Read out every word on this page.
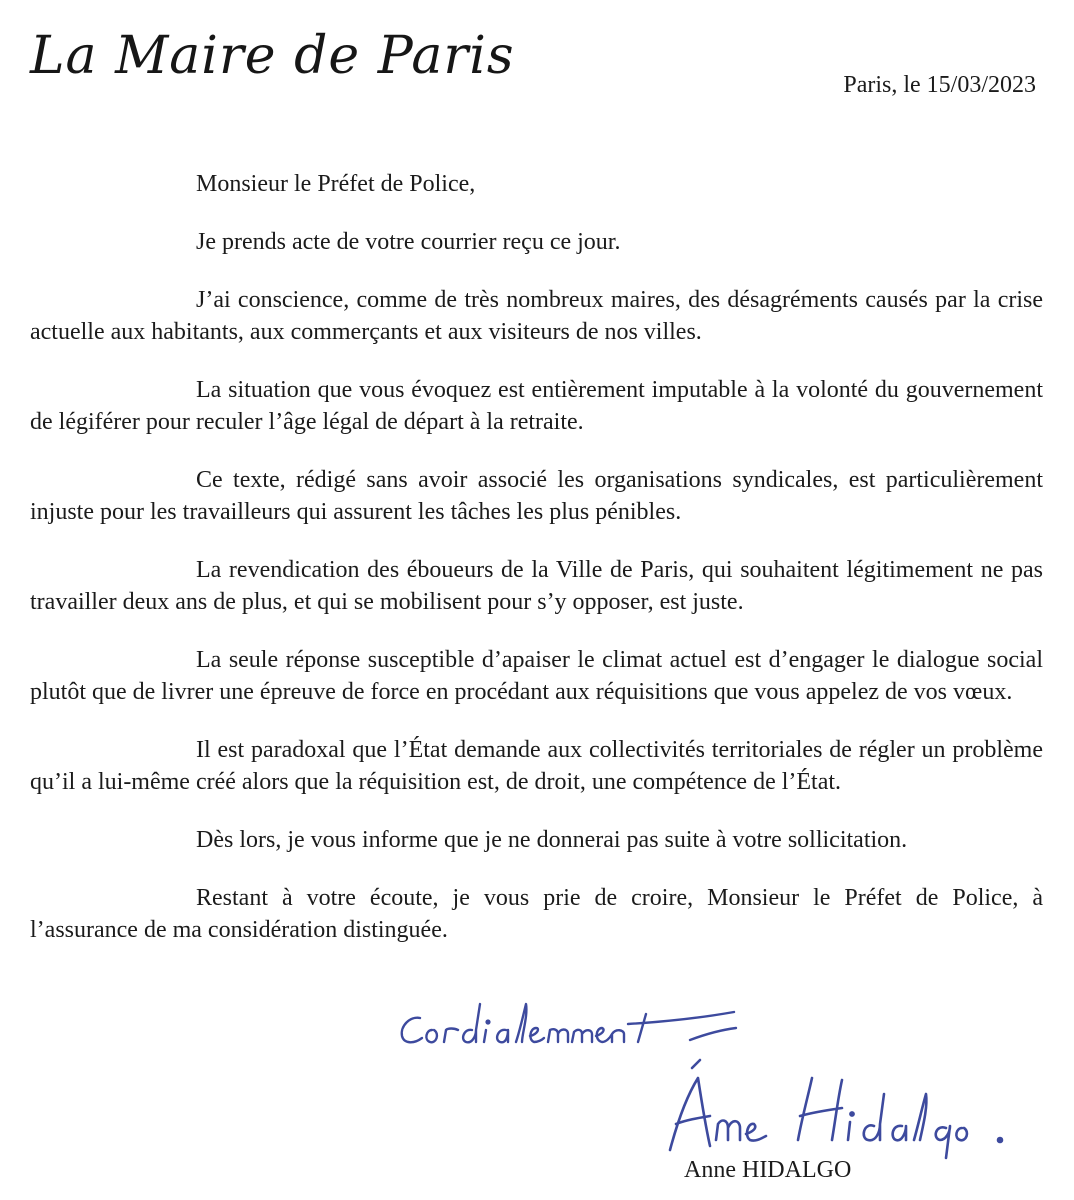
La Maire de Paris	Paris, le 15/03/2023

Monsieur le Préfet de Police,

Je prends acte de votre courrier reçu ce jour.

J’ai conscience, comme de très nombreux maires, des désagréments causés par la crise actuelle aux habitants, aux commerçants et aux visiteurs de nos villes.

La situation que vous évoquez est entièrement imputable à la volonté du gouvernement de légiférer pour reculer l’âge légal de départ à la retraite.

Ce texte, rédigé sans avoir associé les organisations syndicales, est particulièrement injuste pour les travailleurs qui assurent les tâches les plus pénibles.

La revendication des éboueurs de la Ville de Paris, qui souhaitent légitimement ne pas travailler deux ans de plus, et qui se mobilisent pour s’y opposer, est juste.

La seule réponse susceptible d’apaiser le climat actuel est d’engager le dialogue social plutôt que de livrer une épreuve de force en procédant aux réquisitions que vous appelez de vos vœux.

Il est paradoxal que l’État demande aux collectivités territoriales de régler un problème qu’il a lui-même créé alors que la réquisition est, de droit, une compétence de l’État.

Dès lors, je vous informe que je ne donnerai pas suite à votre sollicitation.

Restant à votre écoute, je vous prie de croire, Monsieur le Préfet de Police, à l’assurance de ma considération distinguée.

Anne HIDALGO
